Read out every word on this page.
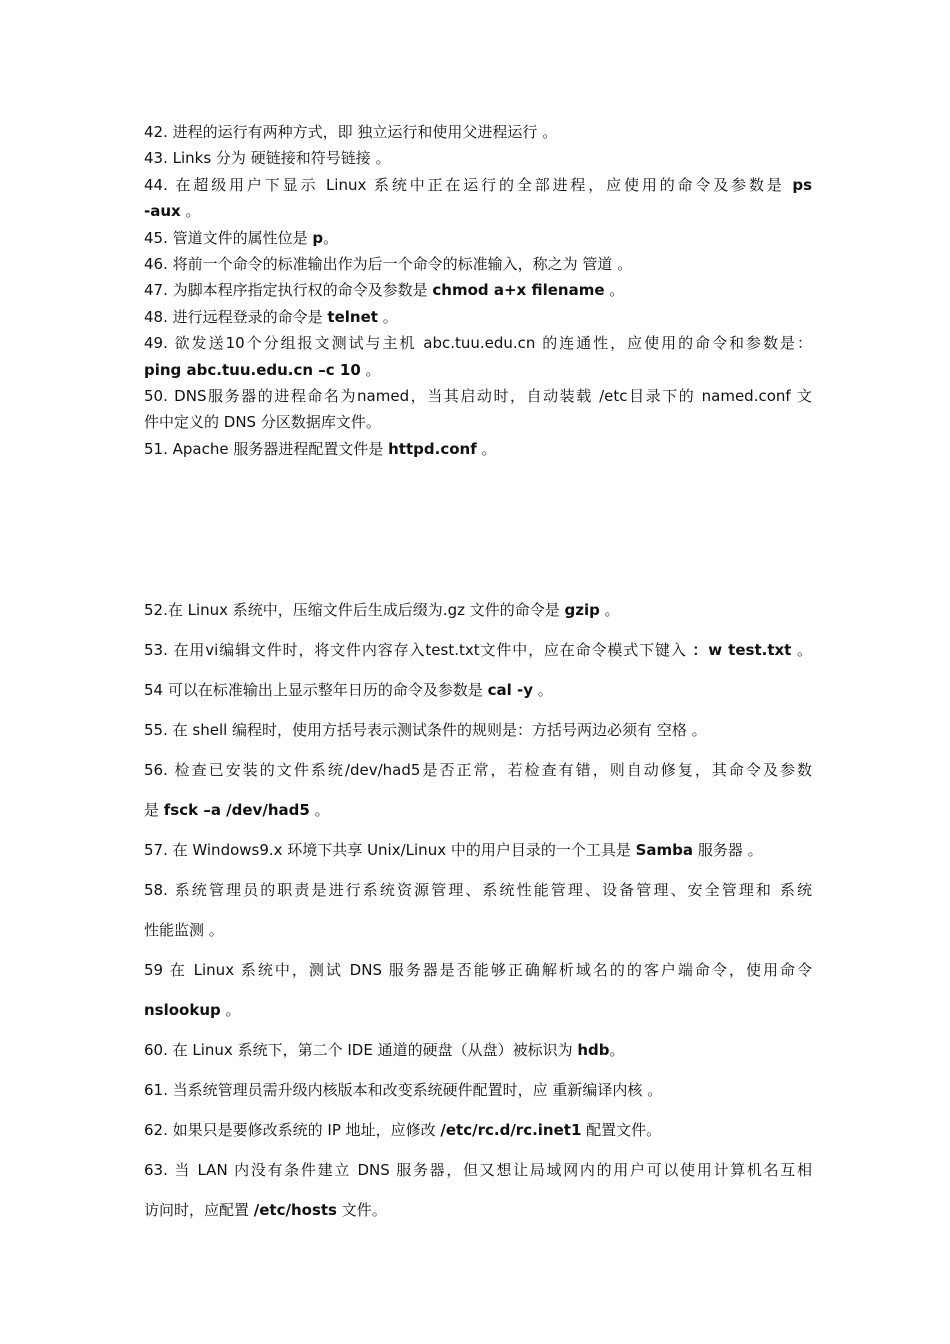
42. 进程的运行有两种方式，即 独立运行和使用父进程运行 。
43. Links 分为 硬链接和符号链接 。
44. 在超级用户下显示 Linux 系统中正在运行的全部进程，应使用的命令及参数是 ps
-aux 。
45. 管道文件的属性位是 p。
46. 将前一个命令的标准输出作为后一个命令的标准输入，称之为 管道 。
47. 为脚本程序指定执行权的命令及参数是 chmod a+x filename 。
48. 进行远程登录的命令是 telnet 。
49. 欲发送10个分组报文测试与主机 abc.tuu.edu.cn 的连通性，应使用的命令和参数是：
ping abc.tuu.edu.cn –c 10 。
50. DNS服务器的进程命名为named，当其启动时，自动装载 /etc目录下的 named.conf 文
件中定义的 DNS 分区数据库文件。
51. Apache 服务器进程配置文件是 httpd.conf 。
52.在 Linux 系统中，压缩文件后生成后缀为.gz 文件的命令是 gzip 。
53. 在用vi编辑文件时，将文件内容存入test.txt文件中，应在命令模式下键入 ：w test.txt 。
54 可以在标准输出上显示整年日历的命令及参数是 cal -y 。
55. 在 shell 编程时，使用方括号表示测试条件的规则是：方括号两边必须有 空格 。
56. 检查已安装的文件系统/dev/had5是否正常，若检查有错，则自动修复，其命令及参数
是 fsck –a /dev/had5 。
57. 在 Windows9.x 环境下共享 Unix/Linux 中的用户目录的一个工具是 Samba 服务器 。
58. 系统管理员的职责是进行系统资源管理、系统性能管理、设备管理、安全管理和 系统
性能监测 。
59 在 Linux 系统中，测试 DNS 服务器是否能够正确解析域名的的客户端命令，使用命令
nslookup 。
60. 在 Linux 系统下，第二个 IDE 通道的硬盘（从盘）被标识为 hdb。
61. 当系统管理员需升级内核版本和改变系统硬件配置时，应 重新编译内核 。
62. 如果只是要修改系统的 IP 地址，应修改 /etc/rc.d/rc.inet1 配置文件。
63. 当 LAN 内没有条件建立 DNS 服务器，但又想让局域网内的用户可以使用计算机名互相
访问时，应配置 /etc/hosts 文件。
